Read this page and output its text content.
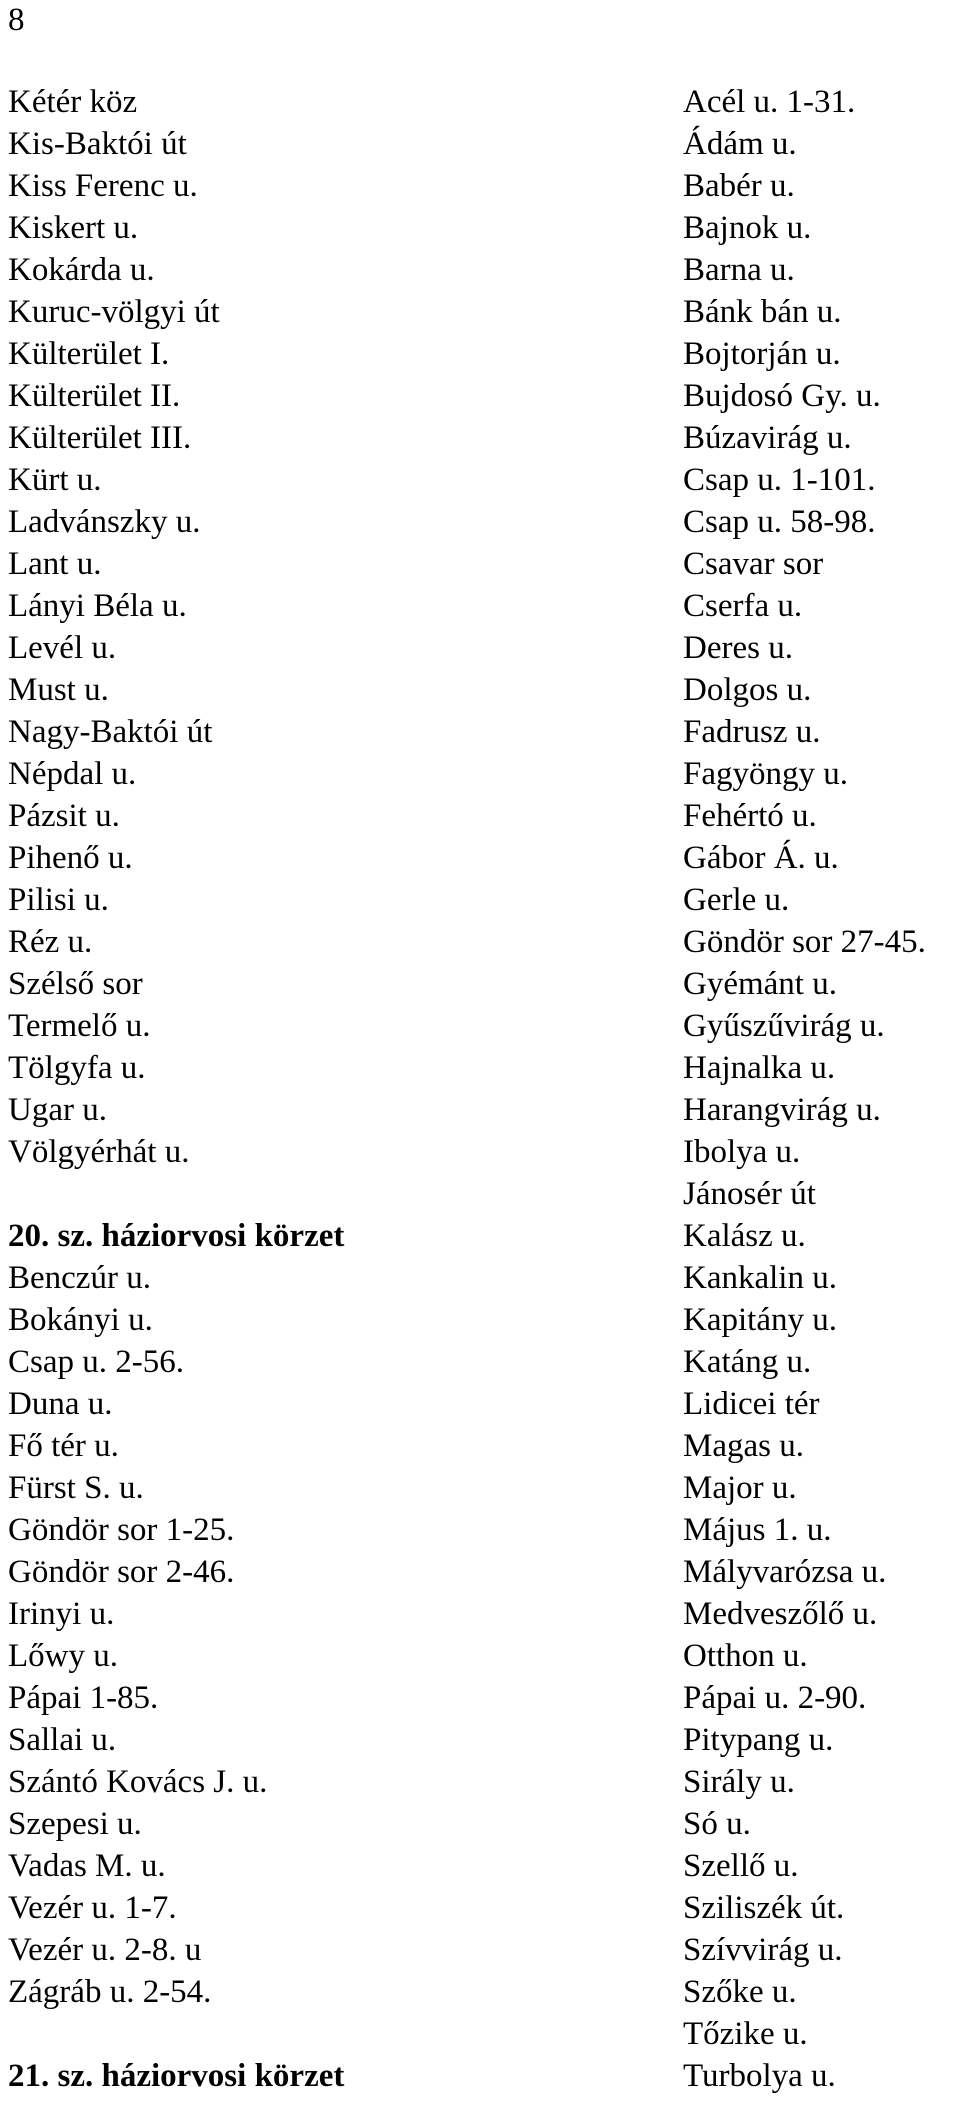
8
Kétér köz
Kis-Baktói út
Kiss Ferenc u.
Kiskert u.
Kokárda u.
Kuruc-völgyi út
Külterület I.
Külterület II.
Külterület III.
Kürt u.
Ladvánszky u.
Lant u.
Lányi Béla u.
Levél u.
Must u.
Nagy-Baktói út
Népdal u.
Pázsit u.
Pihenő u.
Pilisi u.
Réz u.
Szélső sor
Termelő u.
Tölgyfa u.
Ugar u.
Völgyérhát u.
20. sz. háziorvosi körzet
Benczúr u.
Bokányi u.
Csap u. 2-56.
Duna u.
Fő tér u.
Fürst S. u.
Göndör sor 1-25.
Göndör sor 2-46.
Irinyi u.
Lőwy u.
Pápai 1-85.
Sallai u.
Szántó Kovács J. u.
Szepesi u.
Vadas M. u.
Vezér u. 1-7.
Vezér u. 2-8. u
Zágráb u. 2-54.
21. sz. háziorvosi körzet
Acél u. 1-31.
Ádám u.
Babér u.
Bajnok u.
Barna u.
Bánk bán u.
Bojtorján u.
Bujdosó Gy. u.
Búzavirág u.
Csap u. 1-101.
Csap u. 58-98.
Csavar sor
Cserfa u.
Deres u.
Dolgos u.
Fadrusz u.
Fagyöngy u.
Fehértó u.
Gábor Á. u.
Gerle u.
Göndör sor 27-45.
Gyémánt u.
Gyűszűvirág u.
Hajnalka u.
Harangvirág u.
Ibolya u.
Jánosér út
Kalász u.
Kankalin u.
Kapitány u.
Katáng u.
Lidicei tér
Magas u.
Major u.
Május 1. u.
Mályvarózsa u.
Medveszőlő u.
Otthon u.
Pápai u. 2-90.
Pitypang u.
Sirály u.
Só u.
Szellő u.
Sziliszék út.
Szívvirág u.
Szőke u.
Tőzike u.
Turbolya u.
